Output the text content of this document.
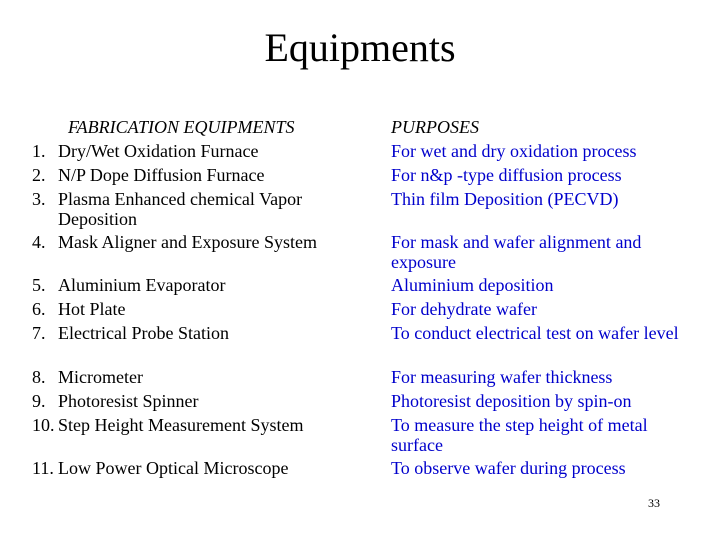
Equipments
FABRICATION EQUIPMENTS	PURPOSES
1. Dry/Wet Oxidation Furnace
2. N/P Dope Diffusion Furnace
3. Plasma Enhanced chemical Vapor Deposition
4. Mask Aligner and Exposure System
5. Aluminium Evaporator
6. Hot Plate
7. Electrical Probe Station
8. Micrometer
9. Photoresist Spinner
10. Step Height Measurement System
11. Low Power Optical Microscope
For wet and dry oxidation process
For n&p -type diffusion process
Thin film Deposition (PECVD)
For mask and wafer alignment and exposure
Aluminium deposition
For dehydrate wafer
To conduct electrical test on wafer level
For measuring wafer thickness
Photoresist deposition by spin-on
To measure the step height of metal surface
To observe wafer during process
33
